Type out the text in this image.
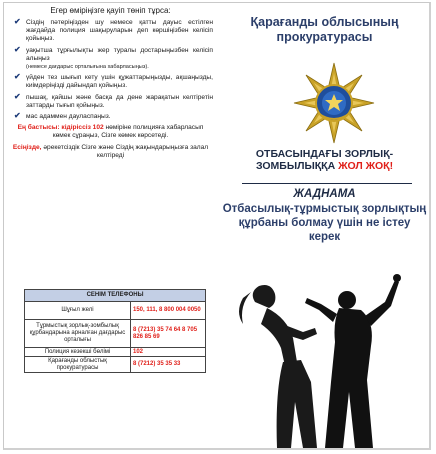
Егер өміріңізге қауіп төніп тұрса:

✔ Сіздің пәтеріңізден шу немесе қатты дауыс естілген жағдайда полиция шақыруларын деп көршіңізбен келісіп қойыңыз.

✔ уақытша тұрғылықты жер туралы достарыңызбен келісіп алыңыз
(немесе дағдарыс орталығына хабарласыңыз).

✔ үйден тез шығып кету үшін құжаттарыңызды, ақшаңызды, киімдеріңізді дайындап қойыңыз.

✔ пышақ, қайшы және басқа да дене жарақатын келтіретін заттарды тығып қойыңыз.

✔ мас адаммен дауласпаңыз.

Ең бастысы: кідіріссіз 102 нөміріне полицияға хабарласып көмек сұраңыз, Сізге көмек көрсетеді.

Есіңізде, әрекетсіздік Сізге және Сіздің жақындарыңызға залал келтіреді

СЕНІМ ТЕЛЕФОНЫ	
Шұғыл желі	150, 111, 8 800 004 0050
Тұрмыстық зорлық-зомбылық құрбандарына арналған дағдарыс орталығы	8 (7213) 35 74 64 8 705 826 85 69
Полиция кезекші бөлімі	102
Қарағанды облыстық прокуратурасы	8 (7212) 35 35 33
Қарағанды облысының прокуратурасы
ОТБАСЫНДАҒЫ ЗОРЛЫҚ-ЗОМБЫЛЫҚҚА ЖОЛ ЖОҚ!
ЖАДНАМА
Отбасылық-тұрмыстық зорлықтың құрбаны болмау үшін не істеу керек
